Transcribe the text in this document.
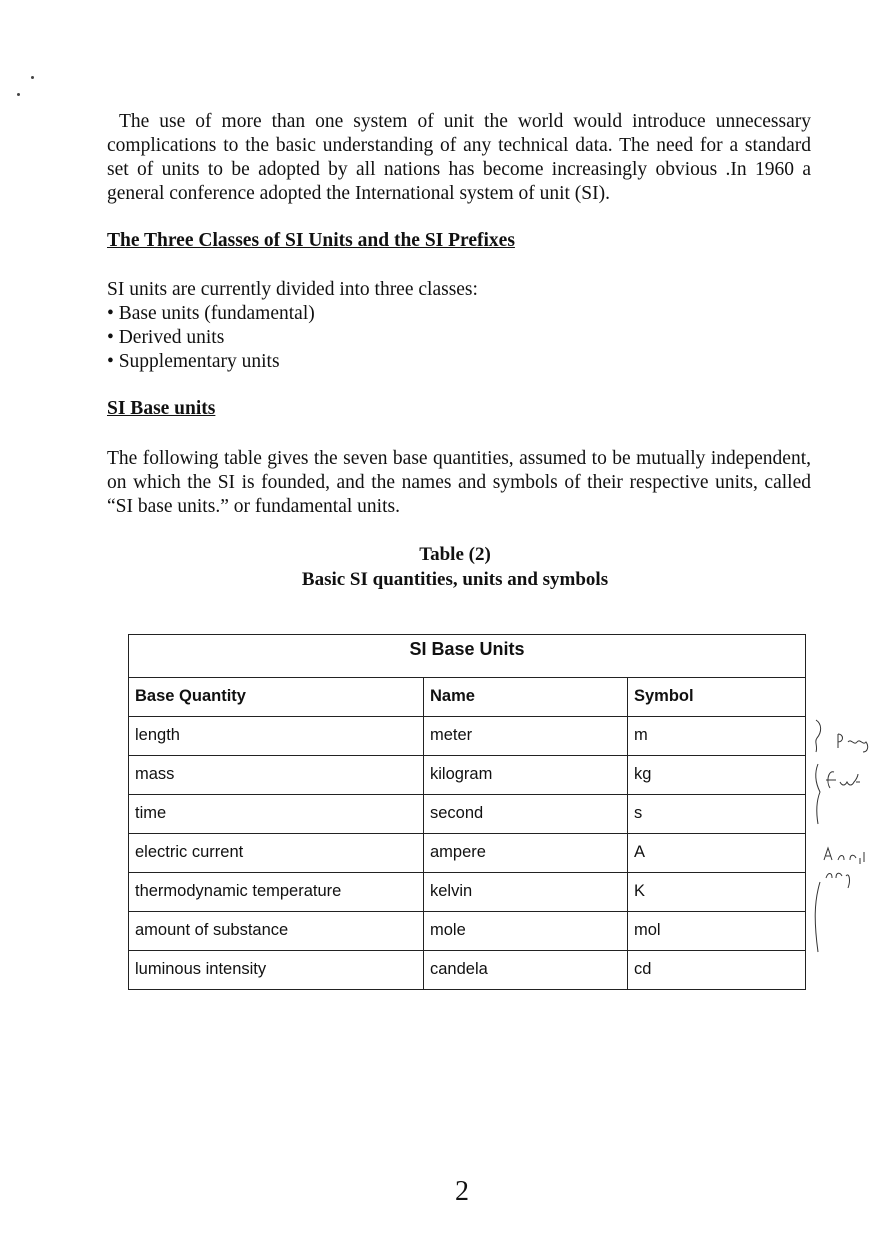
The use of more than one system of unit the world would introduce unnecessary complications to the basic understanding of any technical data. The need for a standard set of units to be adopted by all nations has become increasingly obvious .In 1960 a general conference adopted the International system of unit (SI).
The Three Classes of SI Units and the SI Prefixes
SI units are currently divided into three classes:
• Base units (fundamental)
• Derived units
• Supplementary units
SI Base units
The following table gives the seven base quantities, assumed to be mutually independent, on which the SI is founded, and the names and symbols of their respective units, called “SI base units.” or fundamental units.
Table (2)
Basic SI quantities, units and symbols
SI Base Units		
Base Quantity	Name	Symbol
length	meter	m
mass	kilogram	kg
time	second	s
electric current	ampere	A
thermodynamic temperature	kelvin	K
amount of substance	mole	mol
luminous intensity	candela	cd
2
